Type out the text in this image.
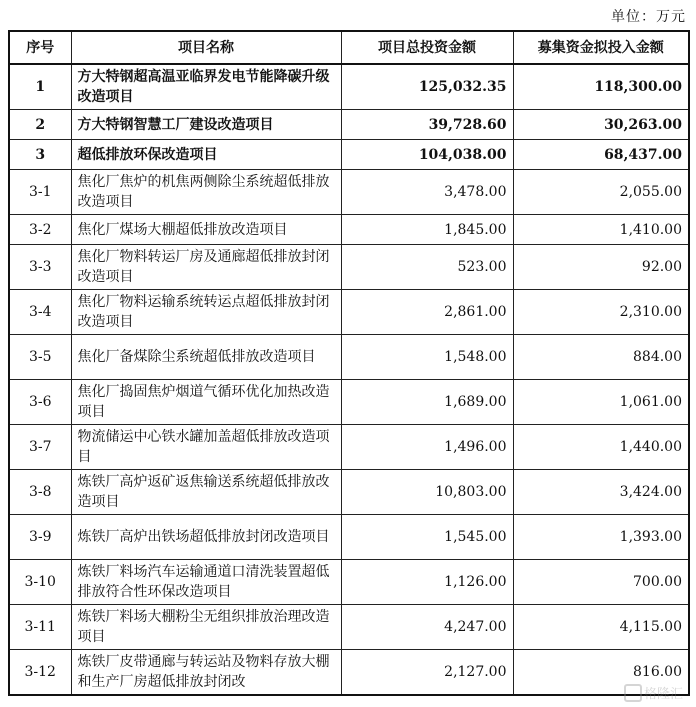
单位：万元
序号	项目名称	项目总投资金额	募集资金拟投入金额
1	方大特钢超高温亚临界发电节能降碳升级改造项目	125,032.35	118,300.00
2	方大特钢智慧工厂建设改造项目	39,728.60	30,263.00
3	超低排放环保改造项目	104,038.00	68,437.00
3-1	焦化厂焦炉的机焦两侧除尘系统超低排放改造项目	3,478.00	2,055.00
3-2	焦化厂煤场大棚超低排放改造项目	1,845.00	1,410.00
3-3	焦化厂物料转运厂房及通廊超低排放封闭改造项目	523.00	92.00
3-4	焦化厂物料运输系统转运点超低排放封闭改造项目	2,861.00	2,310.00
3-5	焦化厂备煤除尘系统超低排放改造项目	1,548.00	884.00
3-6	焦化厂捣固焦炉烟道气循环优化加热改造项目	1,689.00	1,061.00
3-7	物流储运中心铁水罐加盖超低排放改造项目	1,496.00	1,440.00
3-8	炼铁厂高炉返矿返焦输送系统超低排放改造项目	10,803.00	3,424.00
3-9	炼铁厂高炉出铁场超低排放封闭改造项目	1,545.00	1,393.00
3-10	炼铁厂料场汽车运输通道口清洗装置超低排放符合性环保改造项目	1,126.00	700.00
3-11	炼铁厂料场大棚粉尘无组织排放治理改造项目	4,247.00	4,115.00
3-12	炼铁厂皮带通廊与转运站及物料存放大棚和生产厂房超低排放封闭改	2,127.00	816.00
格隆汇
